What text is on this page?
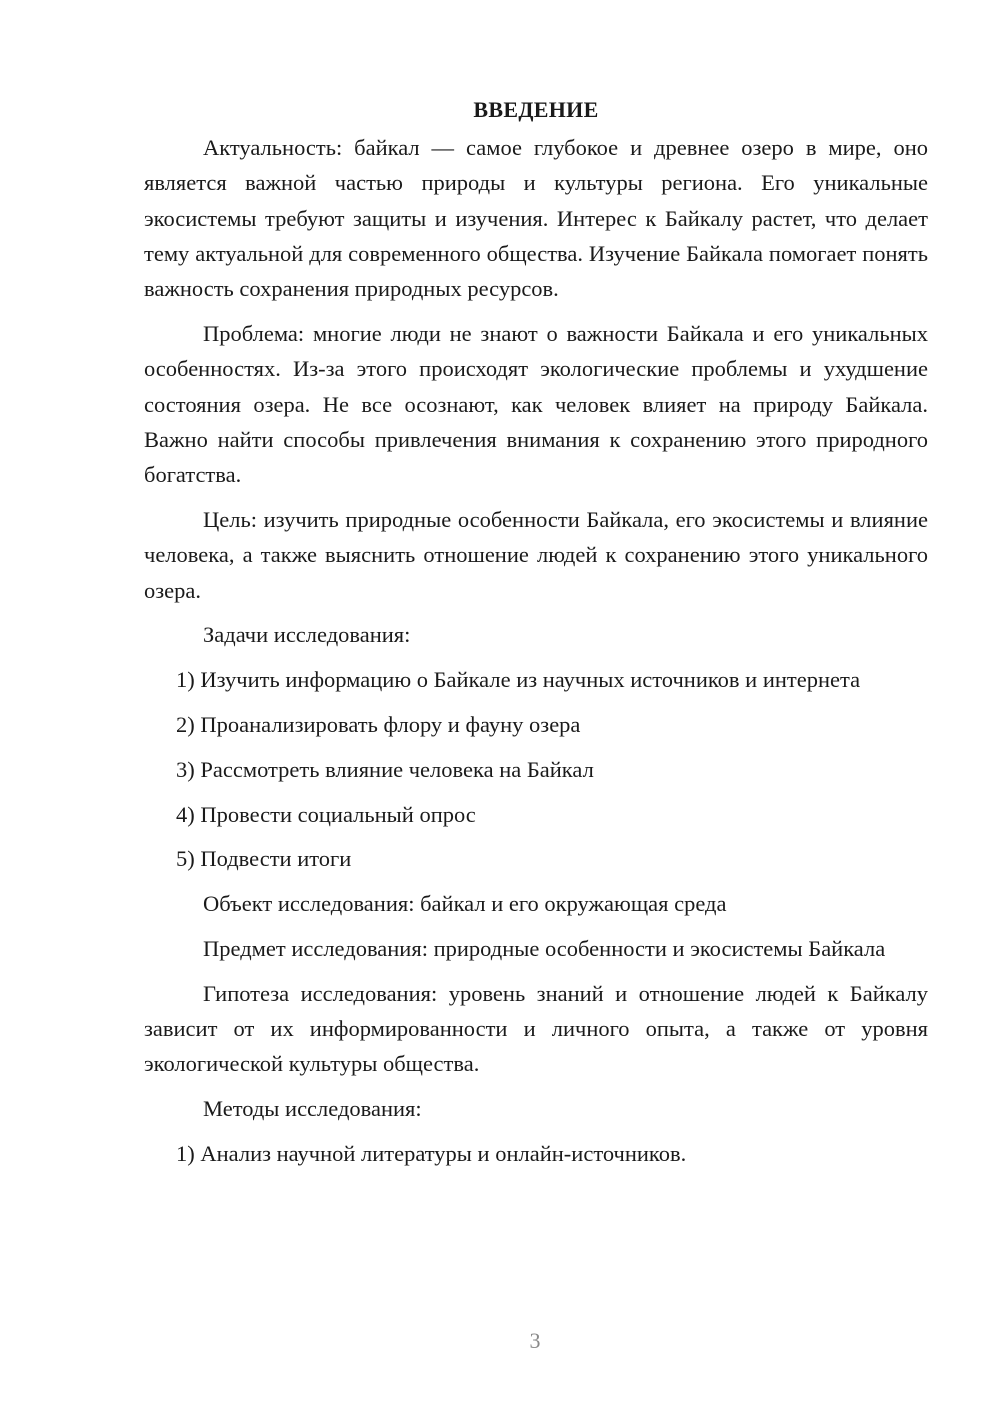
ВВЕДЕНИЕ

Актуальность: байкал — самое глубокое и древнее озеро в мире, оно является важной частью природы и культуры региона. Его уникальные экосистемы требуют защиты и изучения. Интерес к Байкалу растет, что делает тему актуальной для современного общества. Изучение Байкала помогает понять важность сохранения природных ресурсов.

Проблема: многие люди не знают о важности Байкала и его уникальных особенностях. Из-за этого происходят экологические проблемы и ухудшение состояния озера. Не все осознают, как человек влияет на природу Байкала. Важно найти способы привлечения внимания к сохранению этого природного богатства.

Цель: изучить природные особенности Байкала, его экосистемы и влияние человека, а также выяснить отношение людей к сохранению этого уникального озера.

Задачи исследования:

1) Изучить информацию о Байкале из научных источников и интернета

2) Проанализировать флору и фауну озера

3) Рассмотреть влияние человека на Байкал

4) Провести социальный опрос

5) Подвести итоги

Объект исследования: байкал и его окружающая среда

Предмет исследования: природные особенности и экосистемы Байкала

Гипотеза исследования: уровень знаний и отношение людей к Байкалу зависит от их информированности и личного опыта, а также от уровня экологической культуры общества.

Методы исследования:

1) Анализ научной литературы и онлайн-источников.

3
